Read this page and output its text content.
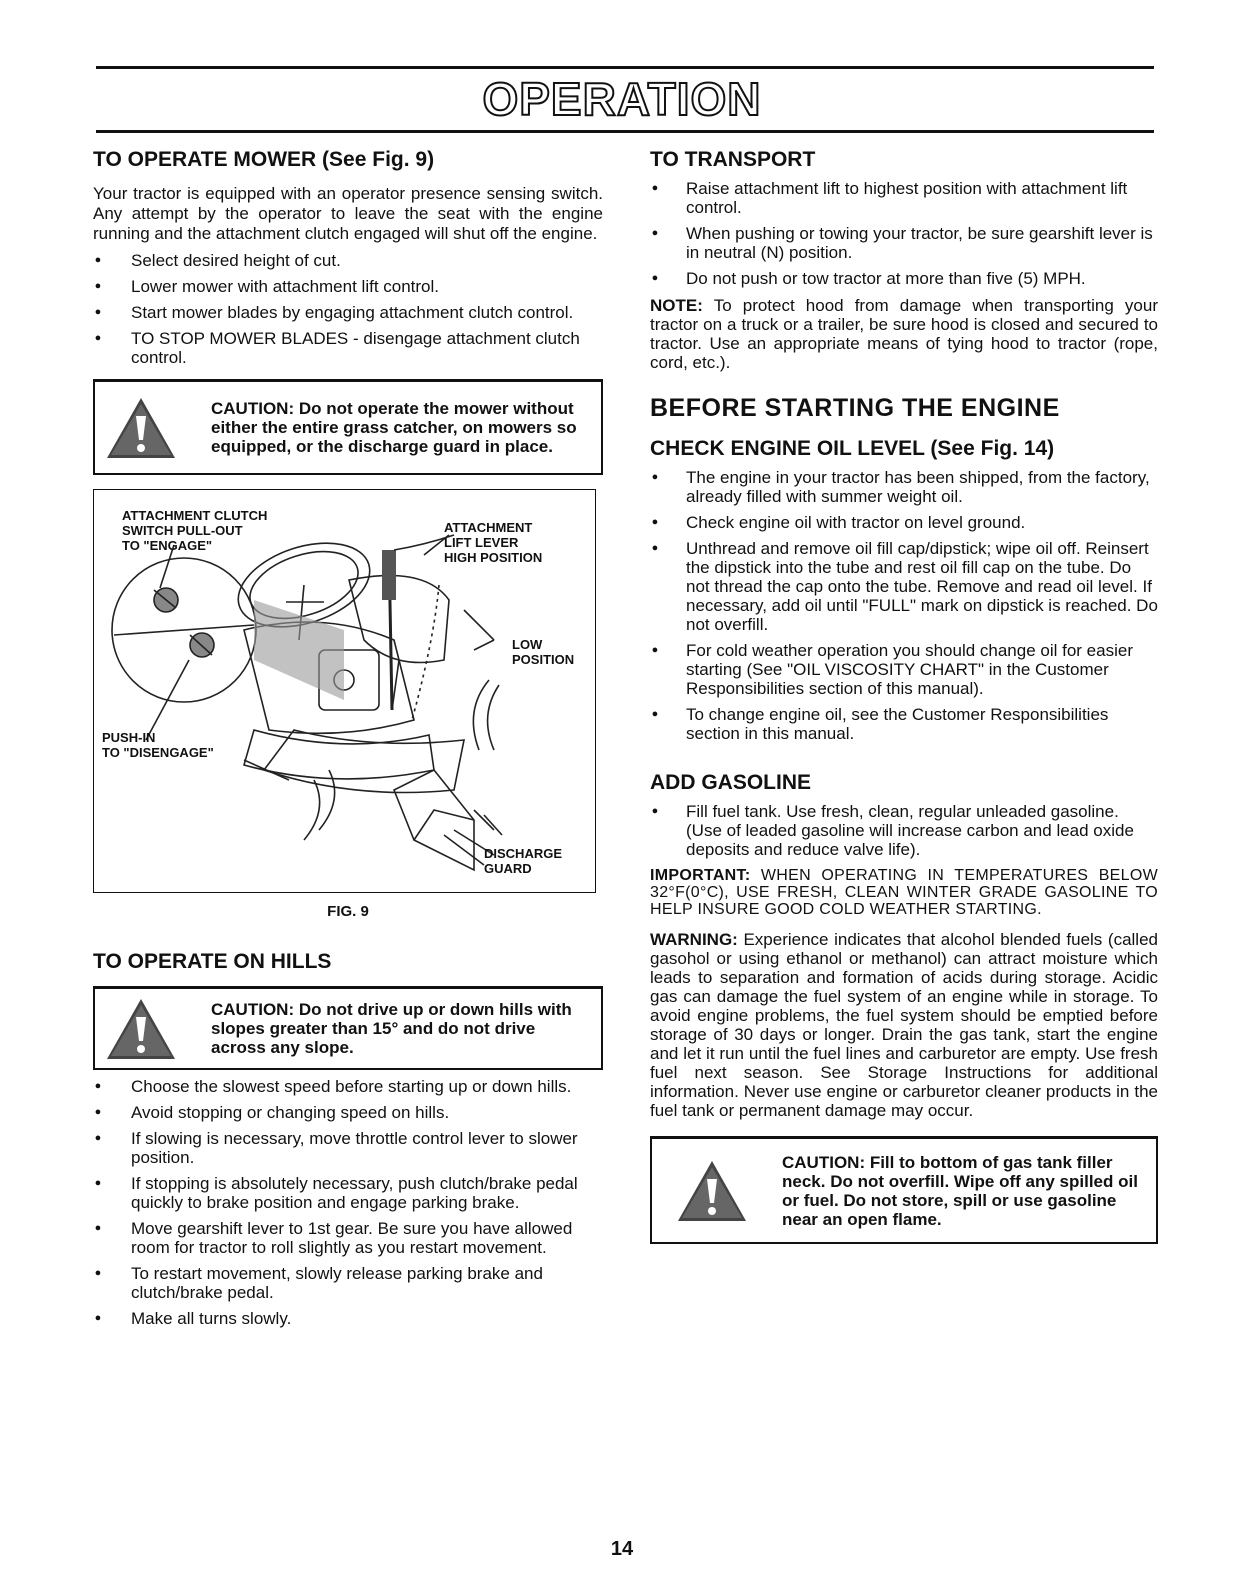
OPERATION
TO OPERATE MOWER (See Fig. 9)

Your tractor is equipped with an operator presence sensing switch. Any attempt by the operator to leave the seat with the engine running and the attachment clutch engaged will shut off the engine.

● Select desired height of cut.
● Lower mower with attachment lift control.
● Start mower blades by engaging attachment clutch control.
● TO STOP MOWER BLADES - disengage attachment clutch control.
CAUTION: Do not operate the mower without either the entire grass catcher, on mowers so equipped, or the discharge guard in place.
ATTACHMENT CLUTCH
SWITCH PULL-OUT
TO "ENGAGE"
ATTACHMENT
LIFT LEVER
HIGH POSITION
LOW
POSITION
PUSH-IN
TO "DISENGAGE"
DISCHARGE
GUARD
FIG. 9
TO OPERATE ON HILLS
CAUTION: Do not drive up or down hills with slopes greater than 15° and do not drive across any slope.
● Choose the slowest speed before starting up or down hills.
● Avoid stopping or changing speed on hills.
● If slowing is necessary, move throttle control lever to slower position.
● If stopping is absolutely necessary, push clutch/brake pedal quickly to brake position and engage parking brake.
● Move gearshift lever to 1st gear. Be sure you have allowed room for tractor to roll slightly as you restart movement.
● To restart movement, slowly release parking brake and clutch/brake pedal.
● Make all turns slowly.
TO TRANSPORT
● Raise attachment lift to highest position with attachment lift control.
● When pushing or towing your tractor, be sure gearshift lever is in neutral (N) position.
● Do not push or tow tractor at more than five (5) MPH.

NOTE: To protect hood from damage when transporting your tractor on a truck or a trailer, be sure hood is closed and secured to tractor. Use an appropriate means of tying hood to tractor (rope, cord, etc.).

BEFORE STARTING THE ENGINE
CHECK ENGINE OIL LEVEL (See Fig. 14)
● The engine in your tractor has been shipped, from the factory, already filled with summer weight oil.
● Check engine oil with tractor on level ground.
● Unthread and remove oil fill cap/dipstick; wipe oil off. Reinsert the dipstick into the tube and rest oil fill cap on the tube. Do not thread the cap onto the tube. Remove and read oil level. If necessary, add oil until "FULL" mark on dipstick is reached. Do not overfill.
● For cold weather operation you should change oil for easier starting (See "OIL VISCOSITY CHART" in the Customer Responsibilities section of this manual).
● To change engine oil, see the Customer Responsibilities section in this manual.
ADD GASOLINE
● Fill fuel tank. Use fresh, clean, regular unleaded gasoline. (Use of leaded gasoline will increase carbon and lead oxide deposits and reduce valve life).

IMPORTANT: WHEN OPERATING IN TEMPERATURES BELOW 32°F(0°C), USE FRESH, CLEAN WINTER GRADE GASOLINE TO HELP INSURE GOOD COLD WEATHER STARTING.

WARNING: Experience indicates that alcohol blended fuels (called gasohol or using ethanol or methanol) can attract moisture which leads to separation and formation of acids during storage. Acidic gas can damage the fuel system of an engine while in storage. To avoid engine problems, the fuel system should be emptied before storage of 30 days or longer. Drain the gas tank, start the engine and let it run until the fuel lines and carburetor are empty. Use fresh fuel next season. See Storage Instructions for additional information. Never use engine or carburetor cleaner products in the fuel tank or permanent damage may occur.

CAUTION: Fill to bottom of gas tank filler neck. Do not overfill. Wipe off any spilled oil or fuel. Do not store, spill or use gasoline near an open flame.
14
